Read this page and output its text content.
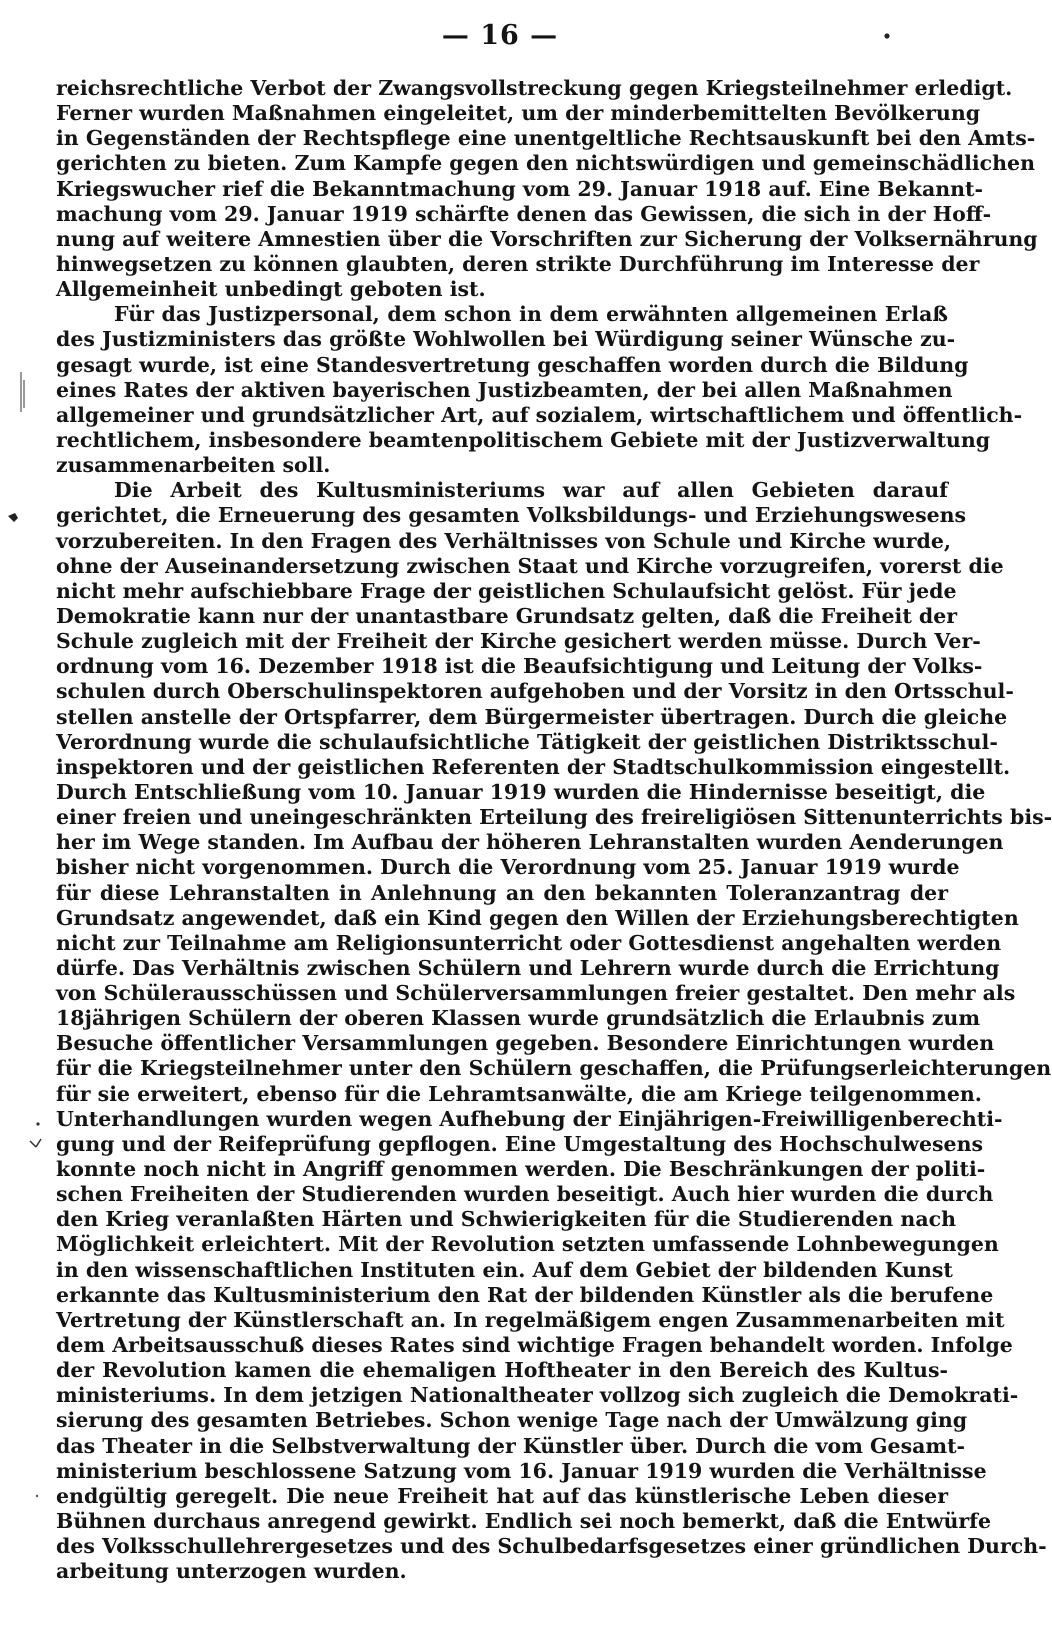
— 16 —
reichsrechtliche Verbot der Zwangsvollstreckung gegen Kriegsteilnehmer erledigt.
Ferner wurden Maßnahmen eingeleitet, um der minderbemittelten Bevölkerung
in Gegenständen der Rechtspflege eine unentgeltliche Rechtsauskunft bei den Amts-
gerichten zu bieten. Zum Kampfe gegen den nichtswürdigen und gemeinschädlichen
Kriegswucher rief die Bekanntmachung vom 29. Januar 1918 auf. Eine Bekannt-
machung vom 29. Januar 1919 schärfte denen das Gewissen, die sich in der Hoff-
nung auf weitere Amnestien über die Vorschriften zur Sicherung der Volksernährung
hinwegsetzen zu können glaubten, deren strikte Durchführung im Interesse der
Allgemeinheit unbedingt geboten ist.
Für das Justizpersonal, dem schon in dem erwähnten allgemeinen Erlaß
des Justizministers das größte Wohlwollen bei Würdigung seiner Wünsche zu-
gesagt wurde, ist eine Standesvertretung geschaffen worden durch die Bildung
eines Rates der aktiven bayerischen Justizbeamten, der bei allen Maßnahmen
allgemeiner und grundsätzlicher Art, auf sozialem, wirtschaftlichem und öffentlich-
rechtlichem, insbesondere beamtenpolitischem Gebiete mit der Justizverwaltung
zusammenarbeiten soll.
Die Arbeit des Kultusministeriums war auf allen Gebieten darauf
gerichtet, die Erneuerung des gesamten Volksbildungs- und Erziehungswesens
vorzubereiten. In den Fragen des Verhältnisses von Schule und Kirche wurde,
ohne der Auseinandersetzung zwischen Staat und Kirche vorzugreifen, vorerst die
nicht mehr aufschiebbare Frage der geistlichen Schulaufsicht gelöst. Für jede
Demokratie kann nur der unantastbare Grundsatz gelten, daß die Freiheit der
Schule zugleich mit der Freiheit der Kirche gesichert werden müsse. Durch Ver-
ordnung vom 16. Dezember 1918 ist die Beaufsichtigung und Leitung der Volks-
schulen durch Oberschulinspektoren aufgehoben und der Vorsitz in den Ortsschul-
stellen anstelle der Ortspfarrer, dem Bürgermeister übertragen. Durch die gleiche
Verordnung wurde die schulaufsichtliche Tätigkeit der geistlichen Distriktsschul-
inspektoren und der geistlichen Referenten der Stadtschulkommission eingestellt.
Durch Entschließung vom 10. Januar 1919 wurden die Hindernisse beseitigt, die
einer freien und uneingeschränkten Erteilung des freireligiösen Sittenunterrichts bis-
her im Wege standen. Im Aufbau der höheren Lehranstalten wurden Aenderungen
bisher nicht vorgenommen. Durch die Verordnung vom 25. Januar 1919 wurde
für diese Lehranstalten in Anlehnung an den bekannten Toleranzantrag der
Grundsatz angewendet, daß ein Kind gegen den Willen der Erziehungsberechtigten
nicht zur Teilnahme am Religionsunterricht oder Gottesdienst angehalten werden
dürfe. Das Verhältnis zwischen Schülern und Lehrern wurde durch die Errichtung
von Schülerausschüssen und Schülerversammlungen freier gestaltet. Den mehr als
18jährigen Schülern der oberen Klassen wurde grundsätzlich die Erlaubnis zum
Besuche öffentlicher Versammlungen gegeben. Besondere Einrichtungen wurden
für die Kriegsteilnehmer unter den Schülern geschaffen, die Prüfungserleichterungen
für sie erweitert, ebenso für die Lehramtsanwälte, die am Kriege teilgenommen.
Unterhandlungen wurden wegen Aufhebung der Einjährigen-Freiwilligenberechti-
gung und der Reifeprüfung gepflogen. Eine Umgestaltung des Hochschulwesens
konnte noch nicht in Angriff genommen werden. Die Beschränkungen der politi-
schen Freiheiten der Studierenden wurden beseitigt. Auch hier wurden die durch
den Krieg veranlaßten Härten und Schwierigkeiten für die Studierenden nach
Möglichkeit erleichtert. Mit der Revolution setzten umfassende Lohnbewegungen
in den wissenschaftlichen Instituten ein. Auf dem Gebiet der bildenden Kunst
erkannte das Kultusministerium den Rat der bildenden Künstler als die berufene
Vertretung der Künstlerschaft an. In regelmäßigem engen Zusammenarbeiten mit
dem Arbeitsausschuß dieses Rates sind wichtige Fragen behandelt worden. Infolge
der Revolution kamen die ehemaligen Hoftheater in den Bereich des Kultus-
ministeriums. In dem jetzigen Nationaltheater vollzog sich zugleich die Demokrati-
sierung des gesamten Betriebes. Schon wenige Tage nach der Umwälzung ging
das Theater in die Selbstverwaltung der Künstler über. Durch die vom Gesamt-
ministerium beschlossene Satzung vom 16. Januar 1919 wurden die Verhältnisse
endgültig geregelt. Die neue Freiheit hat auf das künstlerische Leben dieser
Bühnen durchaus anregend gewirkt. Endlich sei noch bemerkt, daß die Entwürfe
des Volksschullehrergesetzes und des Schulbedarfsgesetzes einer gründlichen Durch-
arbeitung unterzogen wurden.
